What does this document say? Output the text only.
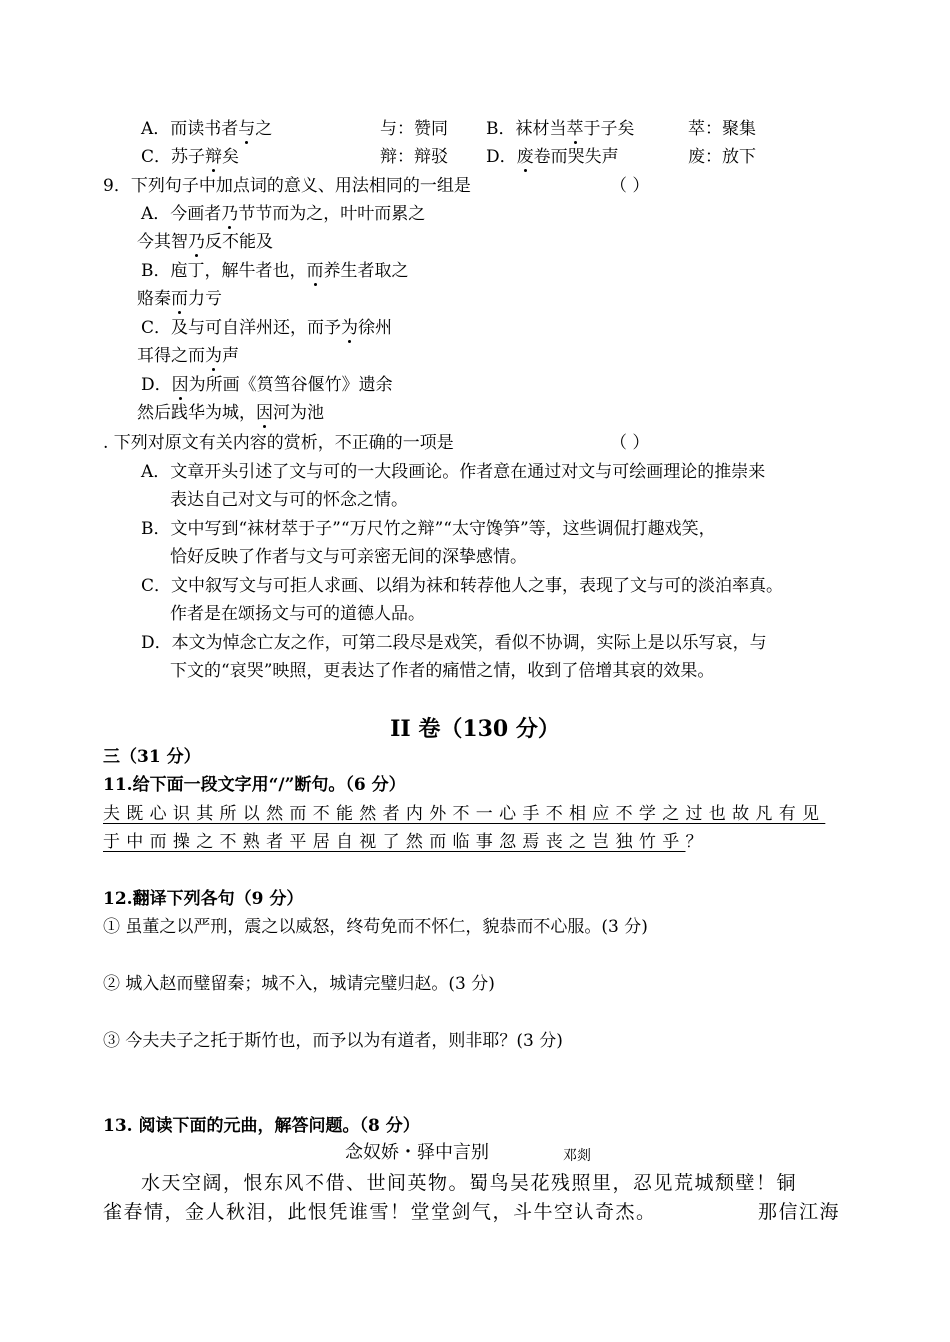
A．而读书者与之	与：赞同 B．袜材当萃于子矣	萃：聚集
C．苏子辩矣	辩：辩驳 D．废卷而哭失声	废：放下
9．下列句子中加点词的意义、用法相同的一组是	（ ）
A．今画者乃节节而为之，叶叶而累之
今其智乃反不能及
B．庖丁，解牛者也，而养生者取之
赂秦而力亏
C．及与可自洋州还，而予为徐州
耳得之而为声
D．因为所画《筼筜谷偃竹》遗余
然后践华为城，因河为池
. 下列对原文有关内容的赏析，不正确的一项是	（ ）
A．文章开头引述了文与可的一大段画论。作者意在通过对文与可绘画理论的推崇来
表达自己对文与可的怀念之情。
B．文中写到“袜材萃于子”“万尺竹之辩”“太守馋笋”等，这些调侃打趣戏笑，
恰好反映了作者与文与可亲密无间的深挚感情。
C．文中叙写文与可拒人求画、以绢为袜和转荐他人之事，表现了文与可的淡泊率真。
作者是在颂扬文与可的道德人品。
D．本文为悼念亡友之作，可第二段尽是戏笑，看似不协调，实际上是以乐写哀，与
下文的“哀哭”映照，更表达了作者的痛惜之情，收到了倍增其哀的效果。
II 卷（130 分）
三（31 分）
11.给下面一段文字用“/”断句。（6 分）
夫既心识其所以然而不能然者内外不一心手不相应不学之过也故凡有见
于中而操之不熟者平居自视了然而临事忽焉丧之岂独竹乎？
12.翻译下列各句（9 分）
① 虽董之以严刑，震之以威怒，终苟免而不怀仁，貌恭而不心服。(3 分)
② 城入赵而璧留秦；城不入，城请完璧归赵。(3 分)
③ 今夫夫子之托于斯竹也，而予以为有道者，则非耶？(3 分)
13. 阅读下面的元曲，解答问题。（8 分）
念奴娇・驿中言别	邓剡
水天空阔，恨东风不借、世间英物。蜀鸟吴花残照里，忍见荒城颓壁！铜
雀春情，金人秋泪，此恨凭谁雪！堂堂剑气，斗牛空认奇杰。	那信江海
